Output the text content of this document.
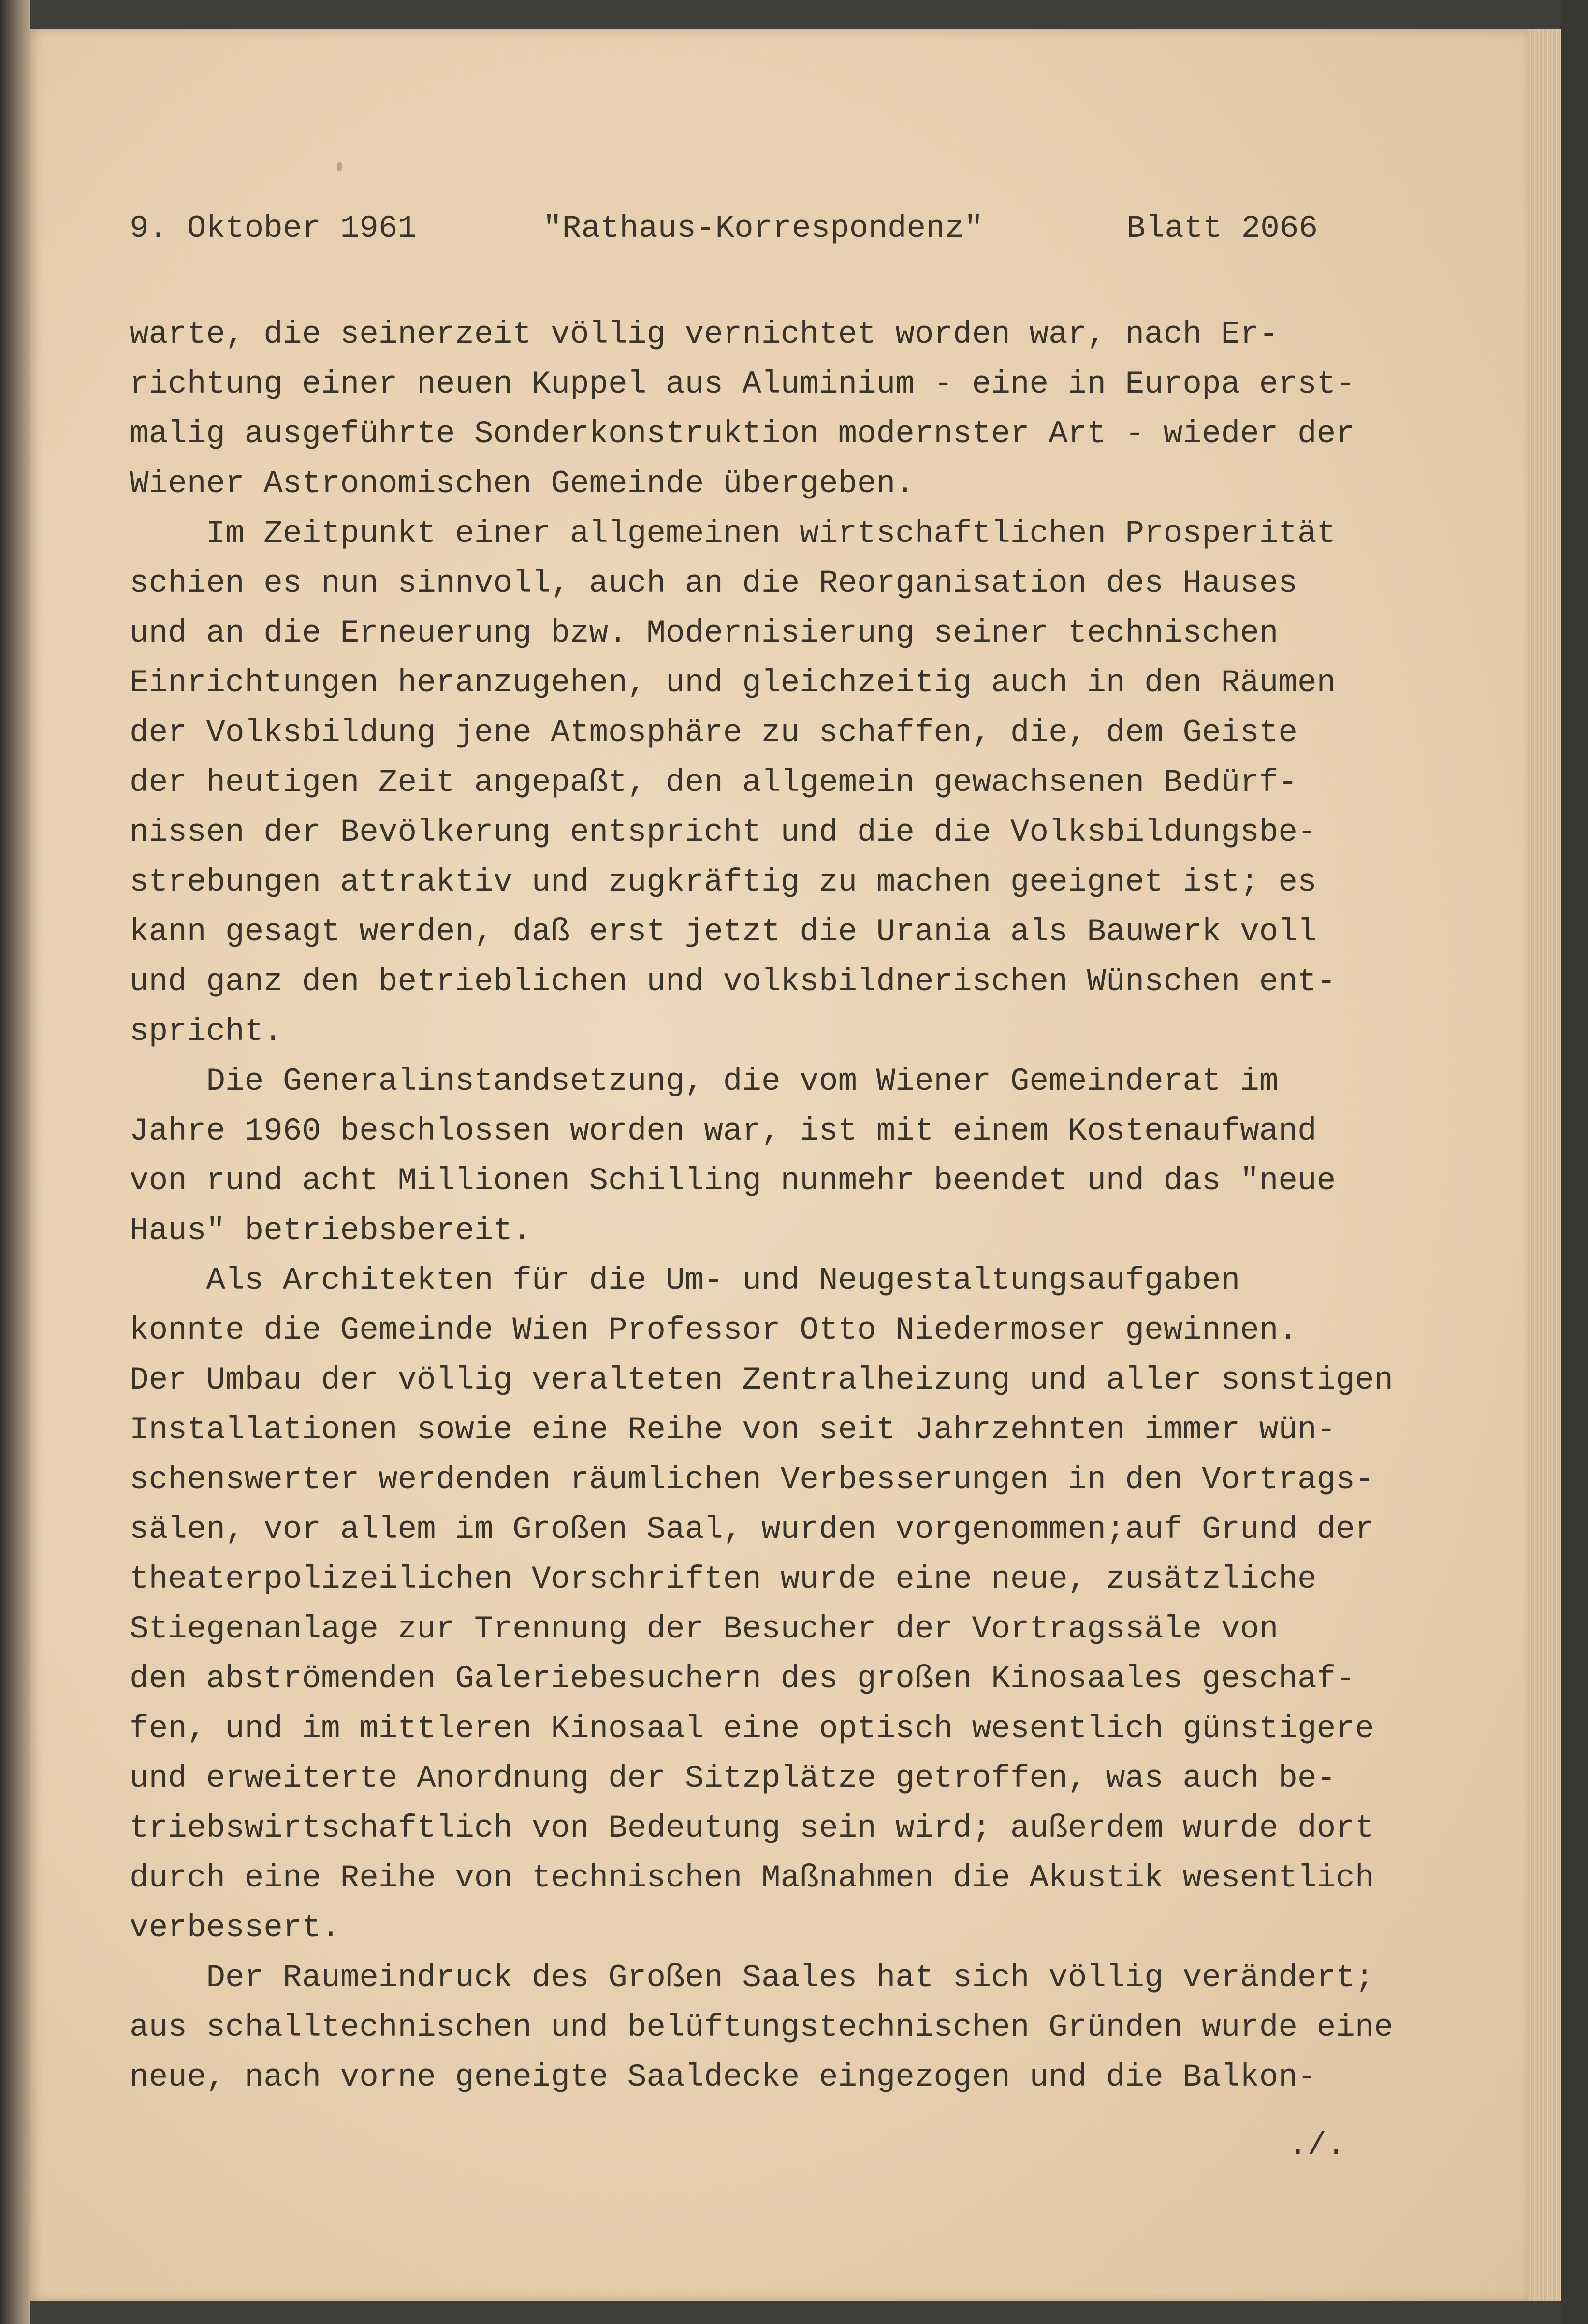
9. Oktober 1961

	"Rathaus-Korrespondenz"

	Blatt 2066

warte, die seinerzeit völlig vernichtet worden war, nach Er-
richtung einer neuen Kuppel aus Aluminium - eine in Europa erst-
malig ausgeführte Sonderkonstruktion modernster Art - wieder der
Wiener Astronomischen Gemeinde übergeben.
Im Zeitpunkt einer allgemeinen wirtschaftlichen Prosperität
schien es nun sinnvoll, auch an die Reorganisation des Hauses
und an die Erneuerung bzw. Modernisierung seiner technischen
Einrichtungen heranzugehen, und gleichzeitig auch in den Räumen
der Volksbildung jene Atmosphäre zu schaffen, die, dem Geiste
der heutigen Zeit angepaßt, den allgemein gewachsenen Bedürf-
nissen der Bevölkerung entspricht und die die Volksbildungsbe-
strebungen attraktiv und zugkräftig zu machen geeignet ist; es
kann gesagt werden, daß erst jetzt die Urania als Bauwerk voll
und ganz den betrieblichen und volksbildnerischen Wünschen ent-
spricht.
Die Generalinstandsetzung, die vom Wiener Gemeinderat im
Jahre 1960 beschlossen worden war, ist mit einem Kostenaufwand
von rund acht Millionen Schilling nunmehr beendet und das "neue
Haus" betriebsbereit.
Als Architekten für die Um- und Neugestaltungsaufgaben
konnte die Gemeinde Wien Professor Otto Niedermoser gewinnen.
Der Umbau der völlig veralteten Zentralheizung und aller sonstigen
Installationen sowie eine Reihe von seit Jahrzehnten immer wün-
schenswerter werdenden räumlichen Verbesserungen in den Vortrags-
sälen, vor allem im Großen Saal, wurden vorgenommen;auf Grund der
theaterpolizeilichen Vorschriften wurde eine neue, zusätzliche
Stiegenanlage zur Trennung der Besucher der Vortragssäle von
den abströmenden Galeriebesuchern des großen Kinosaales geschaf-
fen, und im mittleren Kinosaal eine optisch wesentlich günstigere
und erweiterte Anordnung der Sitzplätze getroffen, was auch be-
triebswirtschaftlich von Bedeutung sein wird; außerdem wurde dort
durch eine Reihe von technischen Maßnahmen die Akustik wesentlich
verbessert.
Der Raumeindruck des Großen Saales hat sich völlig verändert;
aus schalltechnischen und belüftungstechnischen Gründen wurde eine
neue, nach vorne geneigte Saaldecke eingezogen und die Balkon-
./.
